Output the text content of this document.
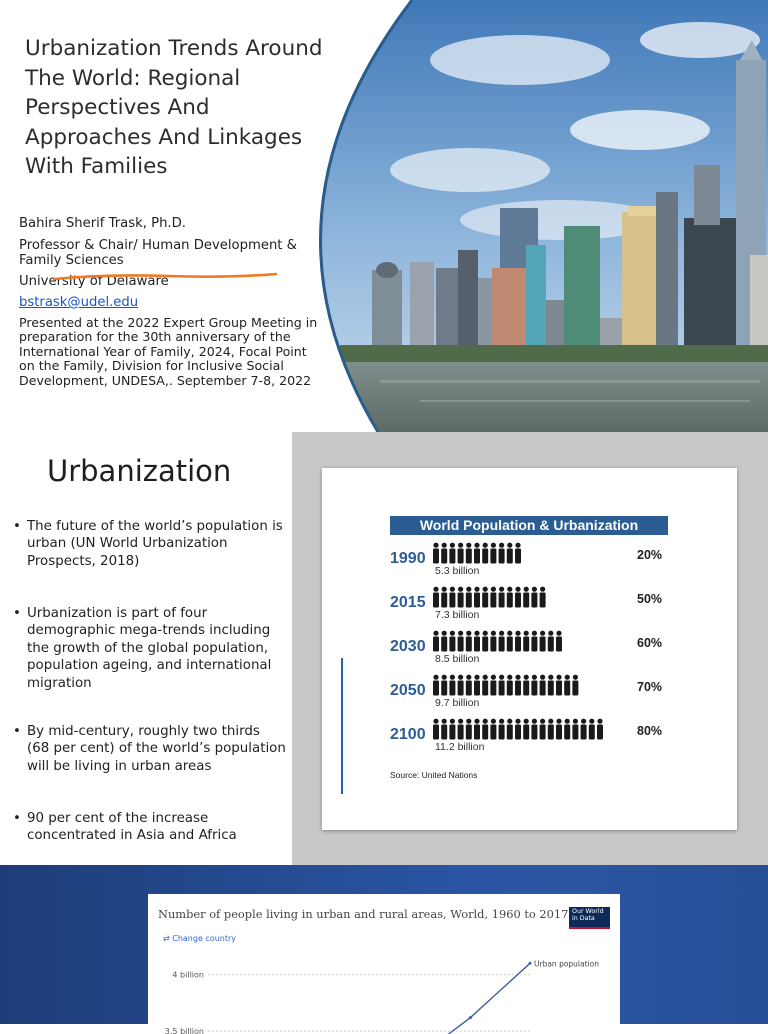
Urbanization Trends Around The World: Regional Perspectives And Approaches And Linkages With Families

Bahira Sherif Trask, Ph.D.

Professor & Chair/ Human Development & Family Sciences

University of Delaware

bstrask@udel.edu

Presented at the 2022 Expert Group Meeting in preparation for the 30th anniversary of the International Year of Family, 2024, Focal Point on the Family, Division for Inclusive Social Development, UNDESA,. September 7-8, 2022

Urbanization
• The future of the world’s population is urban (UN World Urbanization Prospects, 2018)
• Urbanization is part of four demographic mega-trends including the growth of the global population, population ageing, and international migration
• By mid-century, roughly two thirds (68 per cent) of the world’s population will be living in urban areas
• 90 per cent of the increase concentrated in Asia and Africa
World Population & Urbanization
1990
5.3 billion
20%
2015
7.3 billion
50%
2030
8.5 billion
60%
2050
9.7 billion
70%
2100
11.2 billion
80%
Source: United Nations
4 billion
3.5 billion
Urban population
Number of people living in urban and rural areas, World, 1960 to 2017 Our World
in Data
⇄ Change country
